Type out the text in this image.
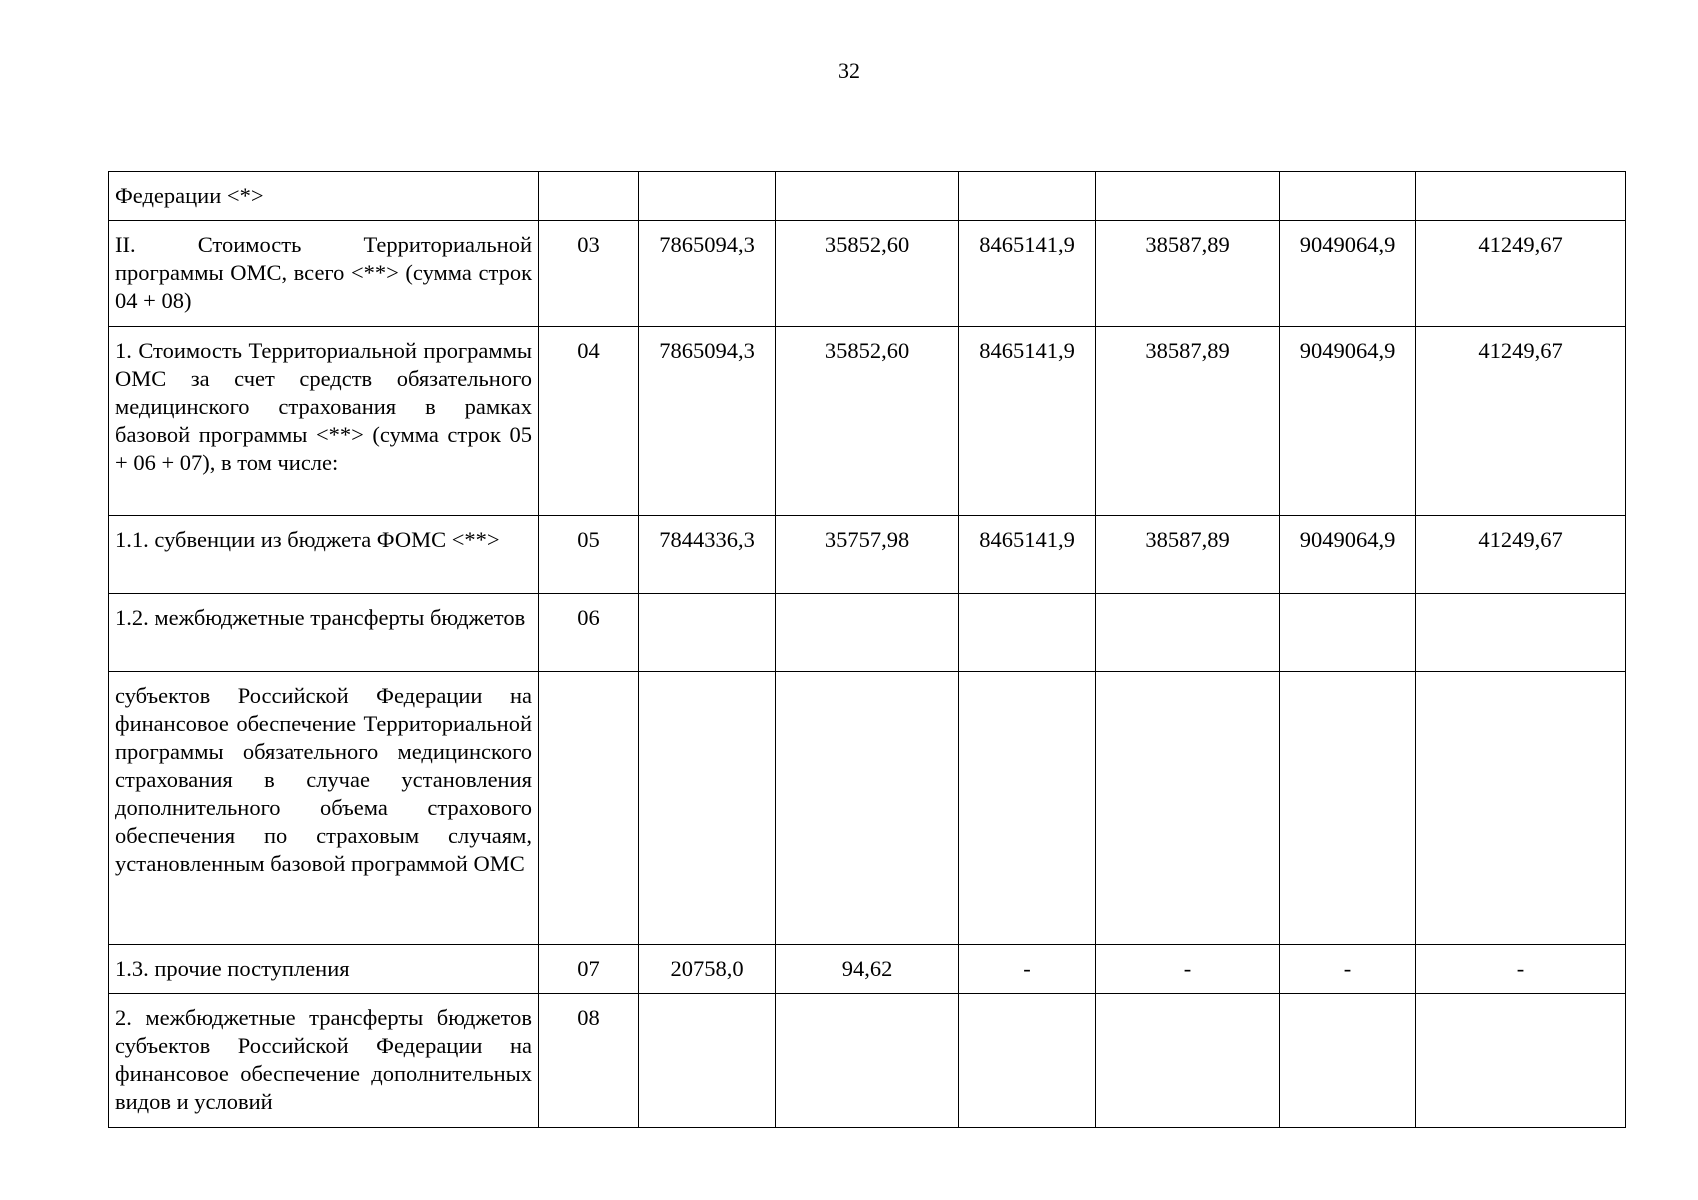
32
Федерации <*>							
II. Стоимость Территориальной программы ОМС, всего <**> (сумма строк 04 + 08)	03	7865094,3	35852,60	8465141,9	38587,89	9049064,9	41249,67
1. Стоимость Территориальной программы ОМС за счет средств обязательного медицинского страхования в рамках базовой программы <**> (сумма строк 05 + 06 + 07), в том числе:	04	7865094,3	35852,60	8465141,9	38587,89	9049064,9	41249,67
1.1. субвенции из бюджета ФОМС <**>	05	7844336,3	35757,98	8465141,9	38587,89	9049064,9	41249,67
1.2. межбюджетные трансферты бюджетов	06						
субъектов Российской Федерации на финансовое обеспечение Территориальной программы обязательного медицинского страхования в случае установления дополнительного объема страхового обеспечения по страховым случаям, установленным базовой программой ОМС							
1.3. прочие поступления	07	20758,0	94,62	-	-	-	-
2. межбюджетные трансферты бюджетов субъектов Российской Федерации на финансовое обеспечение дополнительных видов и условий	08						
